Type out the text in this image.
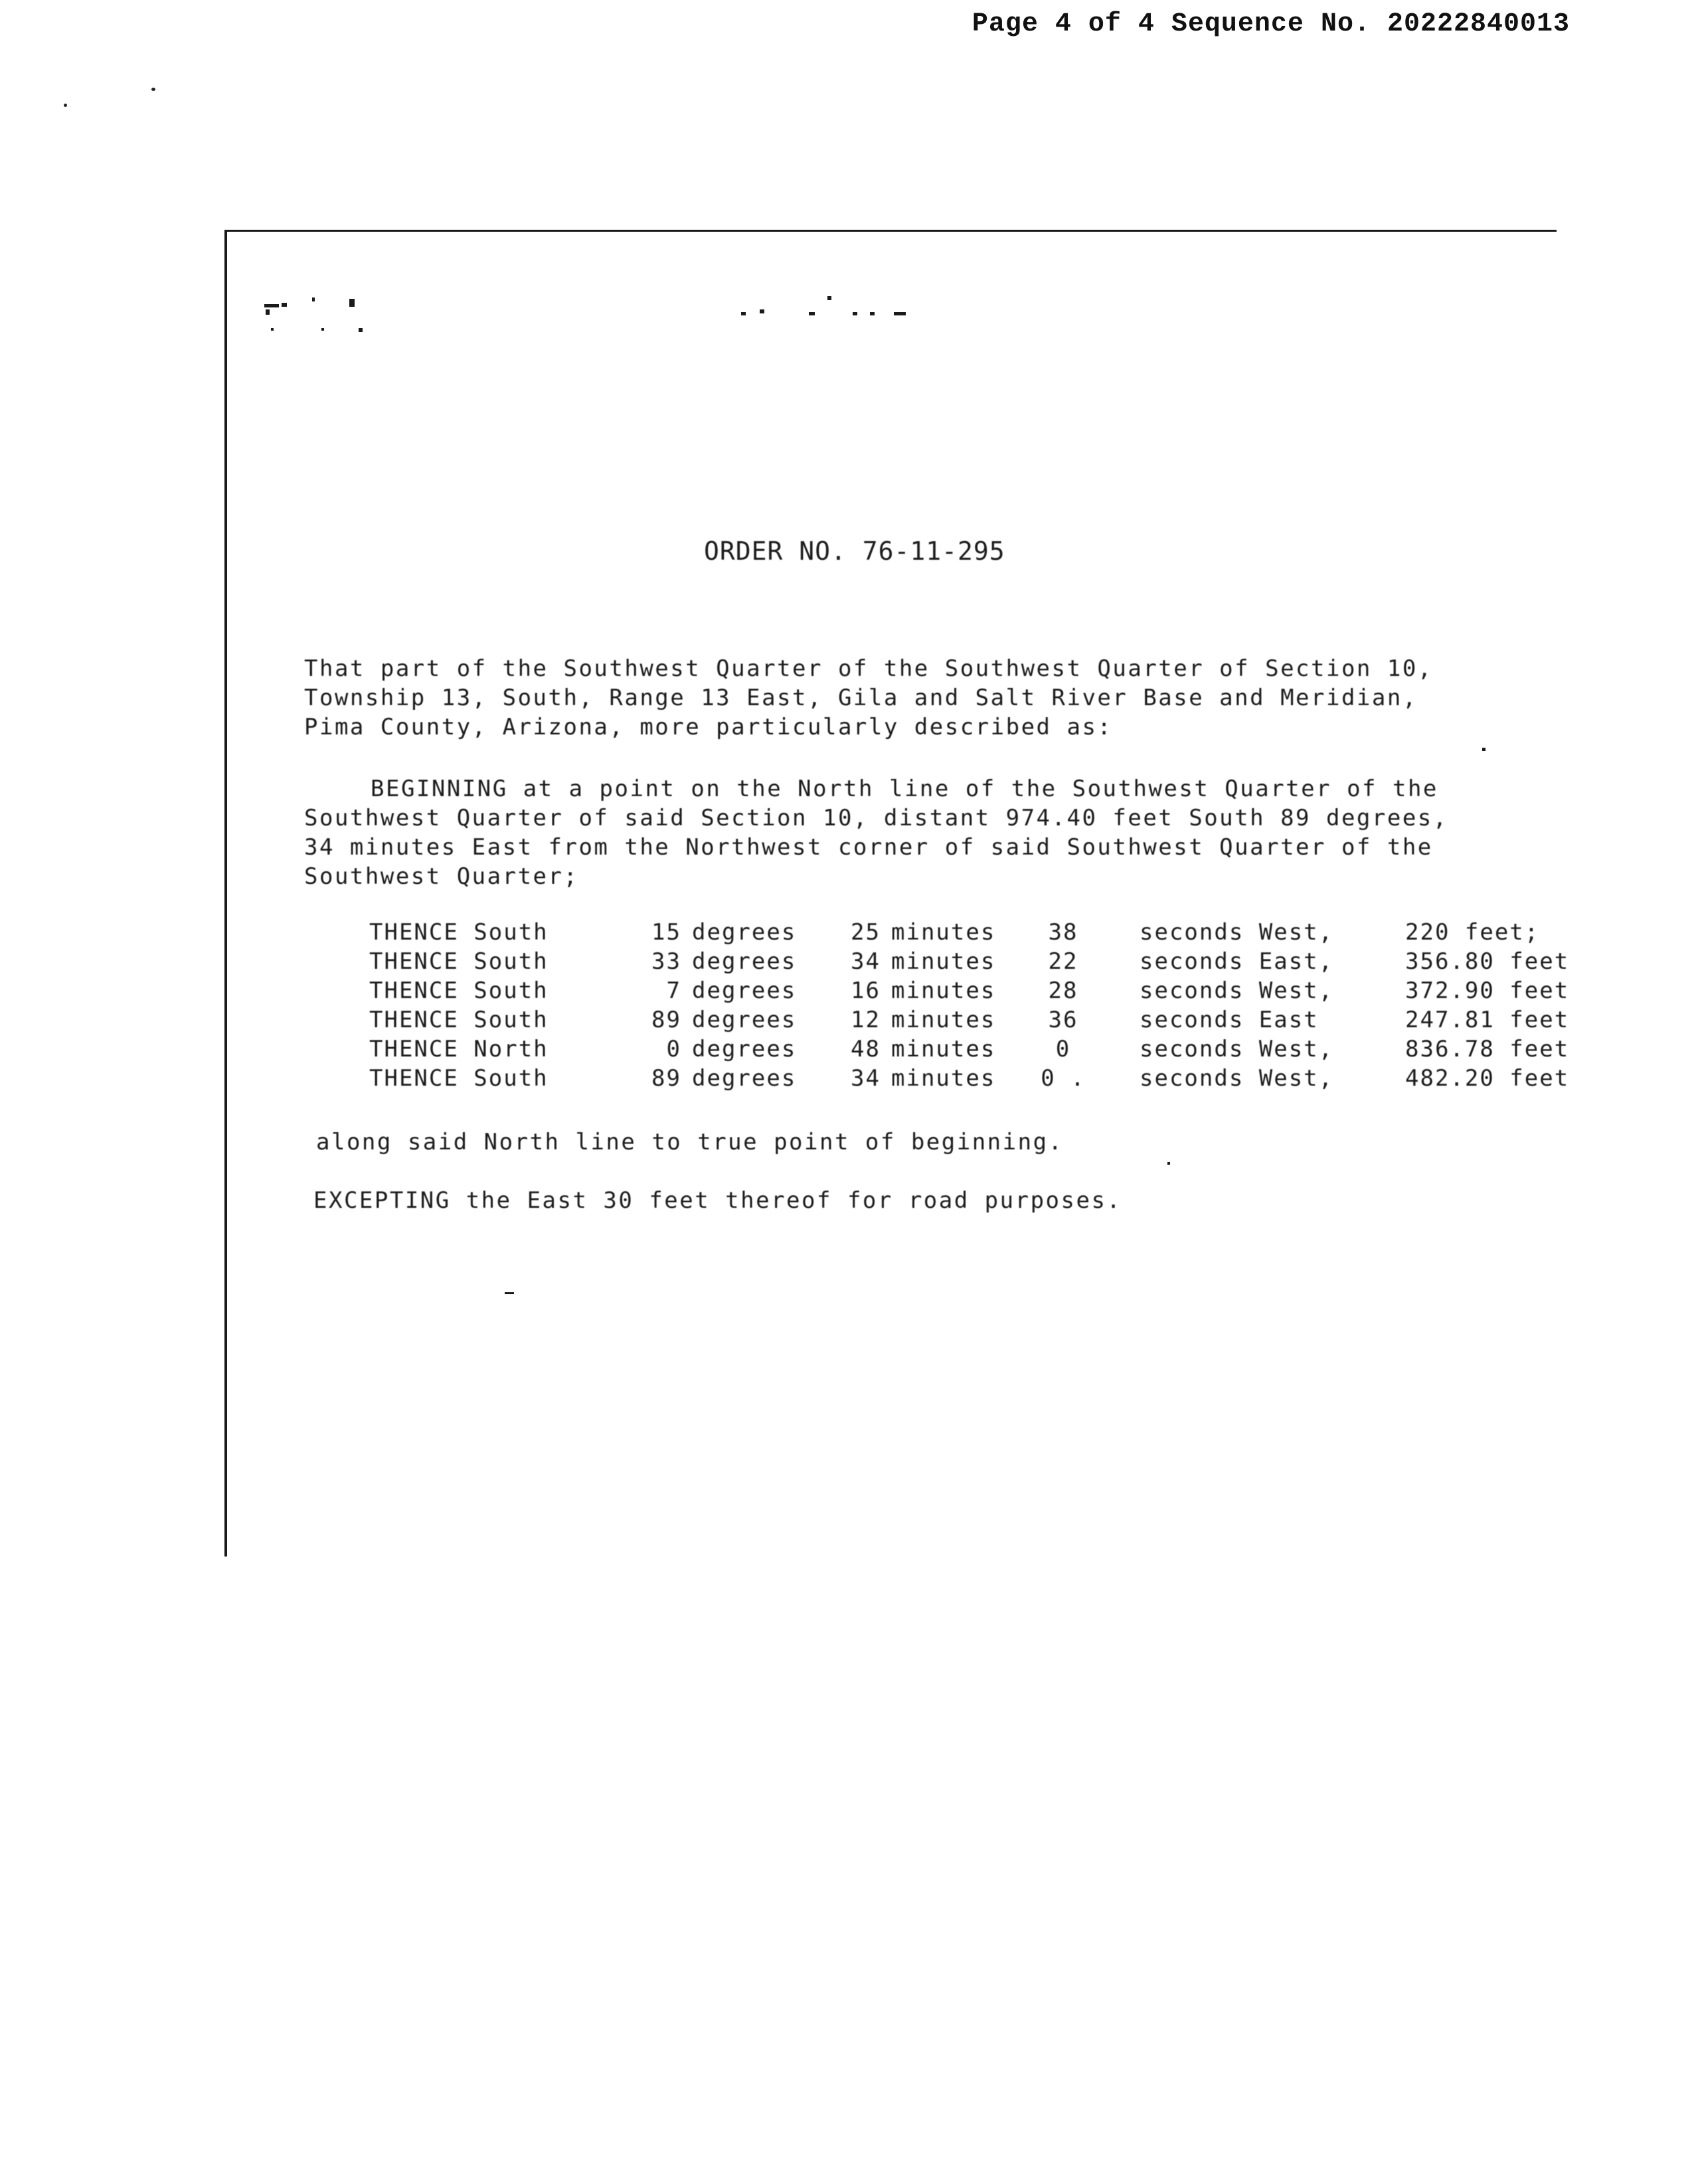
Page 4 of 4 Sequence No. 20222840013
ORDER NO. 76-11-295
That part of the Southwest Quarter of the Southwest Quarter of Section 10,
Township 13, South, Range 13 East, Gila and Salt River Base and Meridian,
Pima County, Arizona, more particularly described as:
BEGINNING at a point on the North line of the Southwest Quarter of the
Southwest Quarter of said Section 10, distant 974.40 feet South 89 degrees,
34 minutes East from the Northwest corner of said Southwest Quarter of the
Southwest Quarter;
THENCE South	15 degrees	25 minutes	38	seconds West,	220 feet;
THENCE South	33 degrees	34 minutes	22	seconds East,	356.80 feet
THENCE South	7 degrees	16 minutes	28	seconds West,	372.90 feet
THENCE South	89 degrees	12 minutes	36	seconds East	247.81 feet
THENCE North	0 degrees	48 minutes	0	seconds West,	836.78 feet
THENCE South	89 degrees	34 minutes	0 .	seconds West,	482.20 feet
along said North line to true point of beginning.
EXCEPTING the East 30 feet thereof for road purposes.
